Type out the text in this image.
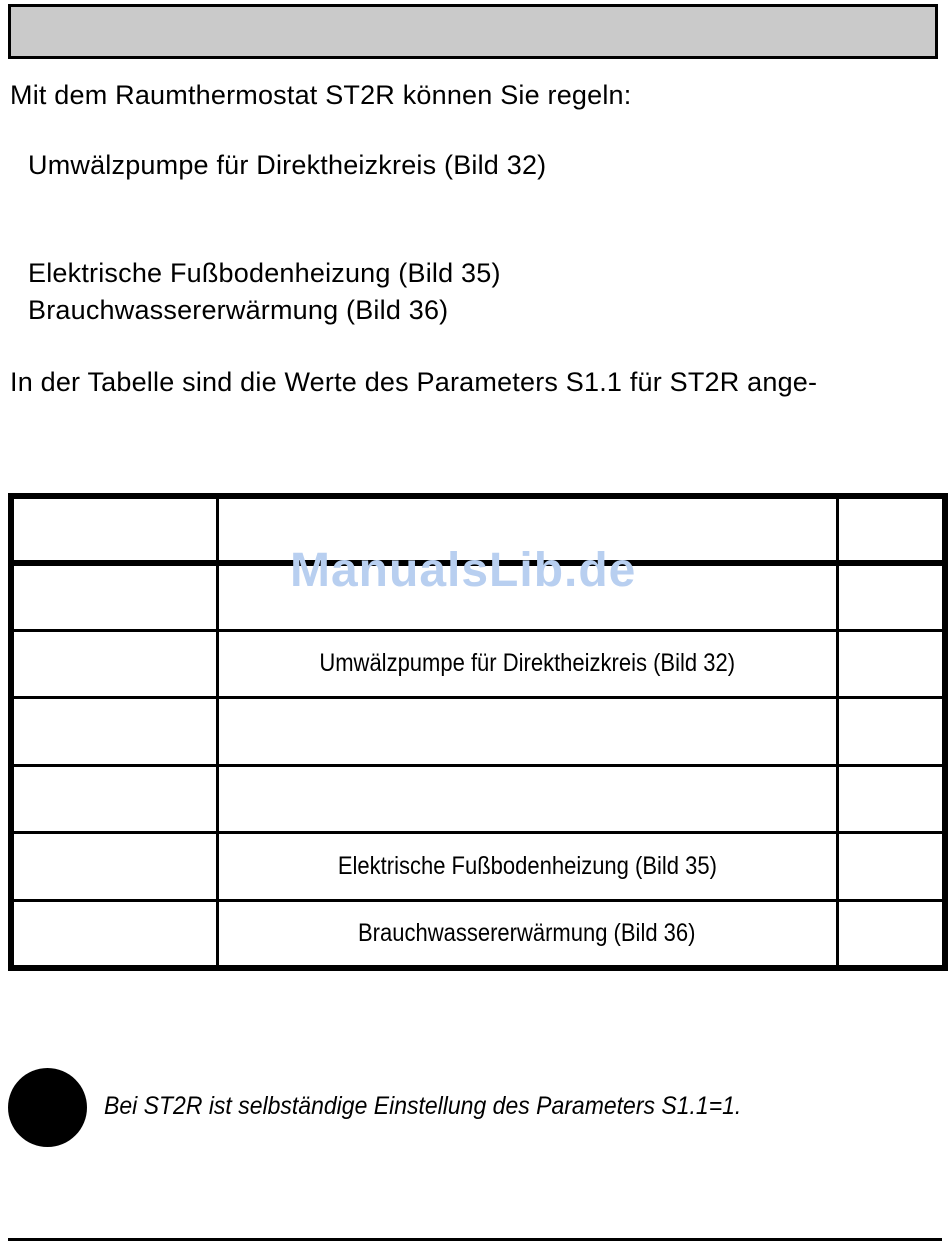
Mit dem Raumthermostat ST2R können Sie regeln:
Umwälzpumpe für Direktheizkreis (Bild 32)
Elektrische Fußbodenheizung (Bild 35)
Brauchwassererwärmung (Bild 36)
In der Tabelle sind die Werte des Parameters S1.1 für ST2R ange-

	Umwälzpumpe für Direktheizkreis (Bild 32)	

	Elektrische Fußbodenheizung (Bild 35)	
	Brauchwassererwärmung (Bild 36)	
ManualsLib.de
Bei ST2R ist selbständige Einstellung des Parameters S1.1=1.
